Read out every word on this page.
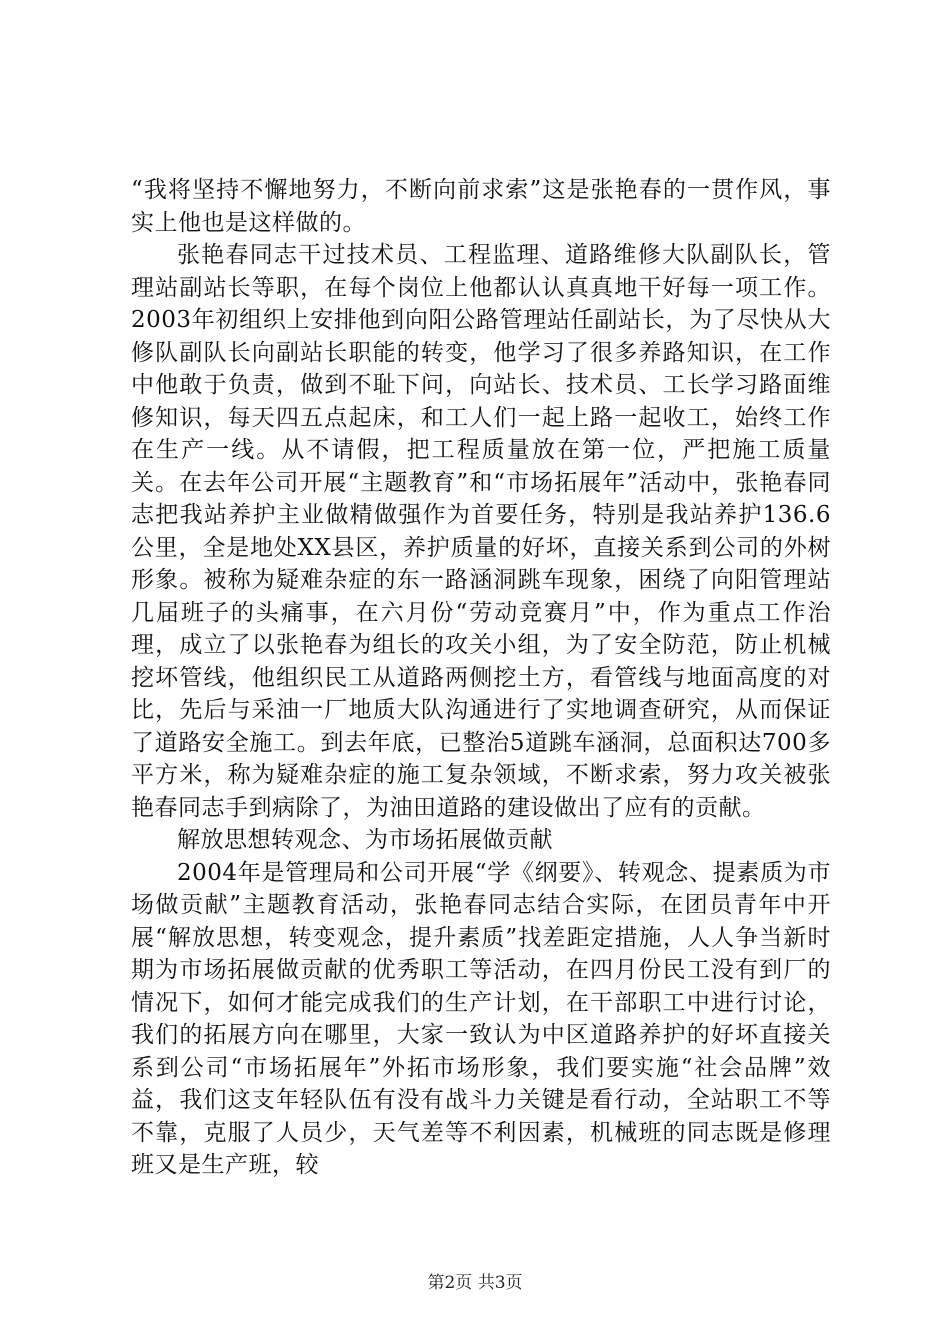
“我将坚持不懈地努力，不断向前求索”这是张艳春的一贯作风，事实上他也是这样做的。

张艳春同志干过技术员、工程监理、道路维修大队副队长，管理站副站长等职，在每个岗位上他都认认真真地干好每一项工作。2003年初组织上安排他到向阳公路管理站任副站长，为了尽快从大修队副队长向副站长职能的转变，他学习了很多养路知识，在工作中他敢于负责，做到不耻下问，向站长、技术员、工长学习路面维修知识，每天四五点起床，和工人们一起上路一起收工，始终工作在生产一线。从不请假，把工程质量放在第一位，严把施工质量关。在去年公司开展“主题教育”和“市场拓展年”活动中，张艳春同志把我站养护主业做精做强作为首要任务，特别是我站养护136.6公里，全是地处XX县区，养护质量的好坏，直接关系到公司的外树形象。被称为疑难杂症的东一路涵洞跳车现象，困绕了向阳管理站几届班子的头痛事，在六月份“劳动竞赛月”中，作为重点工作治理，成立了以张艳春为组长的攻关小组，为了安全防范，防止机械挖坏管线，他组织民工从道路两侧挖土方，看管线与地面高度的对比，先后与采油一厂地质大队沟通进行了实地调查研究，从而保证了道路安全施工。到去年底，已整治5道跳车涵洞，总面积达700多平方米，称为疑难杂症的施工复杂领域，不断求索，努力攻关被张艳春同志手到病除了，为油田道路的建设做出了应有的贡献。

解放思想转观念、为市场拓展做贡献

2004年是管理局和公司开展“学《纲要》、转观念、提素质为市场做贡献”主题教育活动，张艳春同志结合实际，在团员青年中开展“解放思想，转变观念，提升素质”找差距定措施，人人争当新时期为市场拓展做贡献的优秀职工等活动，在四月份民工没有到厂的情况下，如何才能完成我们的生产计划，在干部职工中进行讨论，我们的拓展方向在哪里，大家一致认为中区道路养护的好坏直接关系到公司“市场拓展年”外拓市场形象，我们要实施“社会品牌”效益，我们这支年轻队伍有没有战斗力关键是看行动，全站职工不等不靠，克服了人员少，天气差等不利因素，机械班的同志既是修理班又是生产班，较

第2页 共3页
